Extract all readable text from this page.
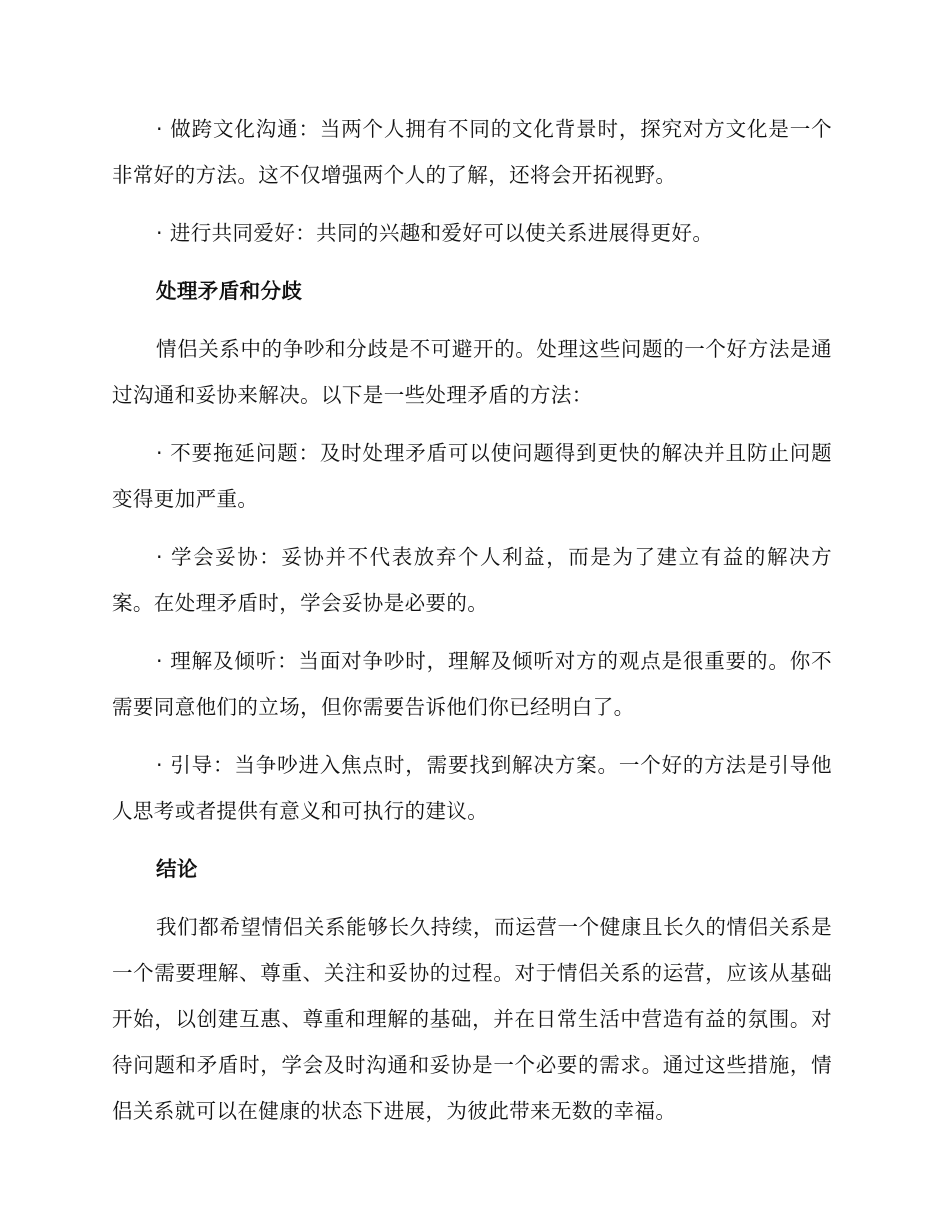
· 做跨文化沟通：当两个人拥有不同的文化背景时，探究对方文化是一个非常好的方法。这不仅增强两个人的了解，还将会开拓视野。

· 进行共同爱好：共同的兴趣和爱好可以使关系进展得更好。

处理矛盾和分歧

情侣关系中的争吵和分歧是不可避开的。处理这些问题的一个好方法是通过沟通和妥协来解决。以下是一些处理矛盾的方法：

· 不要拖延问题：及时处理矛盾可以使问题得到更快的解决并且防止问题变得更加严重。

· 学会妥协：妥协并不代表放弃个人利益，而是为了建立有益的解决方案。在处理矛盾时，学会妥协是必要的。

· 理解及倾听：当面对争吵时，理解及倾听对方的观点是很重要的。你不需要同意他们的立场，但你需要告诉他们你已经明白了。

· 引导：当争吵进入焦点时，需要找到解决方案。一个好的方法是引导他人思考或者提供有意义和可执行的建议。

结论

我们都希望情侣关系能够长久持续，而运营一个健康且长久的情侣关系是一个需要理解、尊重、关注和妥协的过程。对于情侣关系的运营，应该从基础开始，以创建互惠、尊重和理解的基础，并在日常生活中营造有益的氛围。对待问题和矛盾时，学会及时沟通和妥协是一个必要的需求。通过这些措施，情侣关系就可以在健康的状态下进展，为彼此带来无数的幸福。
